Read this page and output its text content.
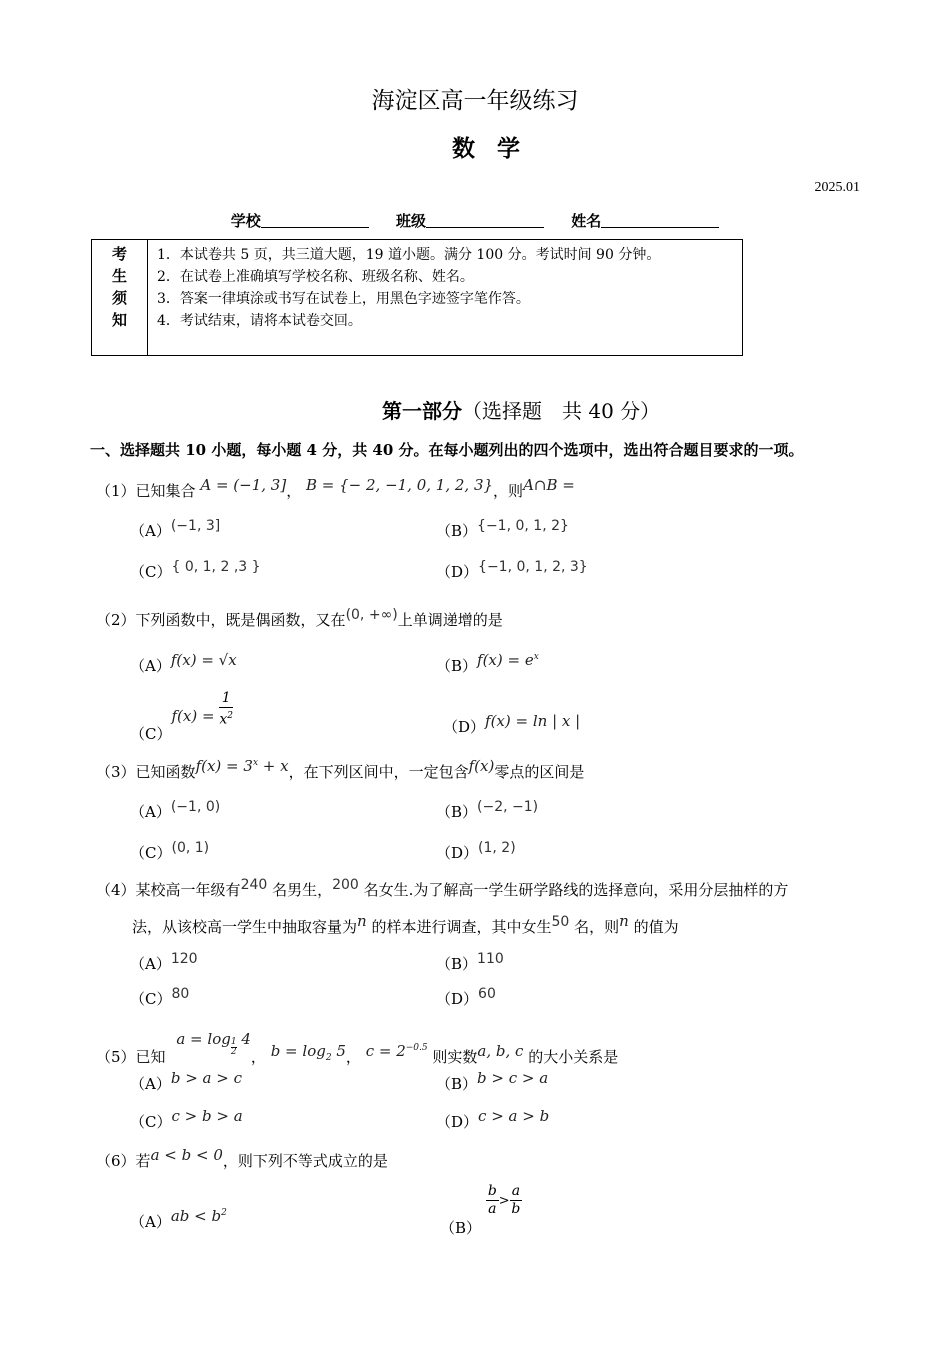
海淀区高一年级练习
数学
2025.01
学校	班级	姓名
考
生
须
知
1．本试卷共 5 页，共三道大题，19 道小题。满分 100 分。考试时间 90 分钟。
2．在试卷上准确填写学校名称、班级名称、姓名。
3．答案一律填涂或书写在试卷上，用黑色字迹签字笔作答。
4．考试结束，请将本试卷交回。
第一部分（选择题　共 40 分）
一、选择题共 10 小题，每小题 4 分，共 40 分。在每小题列出的四个选项中，选出符合题目要求的一项。
（1）已知集合 A = (−1, 3]， B = {− 2, −1, 0, 1, 2, 3}，则A∩B =
（A）(−1, 3]	（B）{−1, 0, 1, 2}
（C）{ 0, 1, 2 ,3 }	（D）{−1, 0, 1, 2, 3}
（2）下列函数中，既是偶函数，又在(0, +∞)上单调递增的是
（A）f(x) = √x	$(B)f(x) = e^x$
$(C)f(x) = \frac{1}{x^2}$	（D）f(x) = ln | x |
（3）已知函数$f(x) = 3^x + x$，在下列区间中，一定包含f(x)零点的区间是
（A）(−1, 0)	（B）(−2, −1)
（C）(0, 1)	（D）(1, 2)
（4）某校高一年级有240 名男生，200 名女生.为了解高一学生研学路线的选择意向，采用分层抽样的方
法，从该校高一学生中抽取容量为n 的样本进行调查，其中女生50 名，则n 的值为
（A）120	（B）110
（C）80	（D）60
（5）已知 $a = \log \frac{1}{2} 4$， $b = \log_2 5$， $c = 2^{-0.5}$ 则实数a, b, c 的大小关系是
（A）b > a > c	（B）b > c > a
（C）c > b > a	（D）c > a > b
（6）若a < b < 0，则下列不等式成立的是
$(A)ab < b^2$
（B）
$\frac{b}{a} > \frac{a}{b}$
